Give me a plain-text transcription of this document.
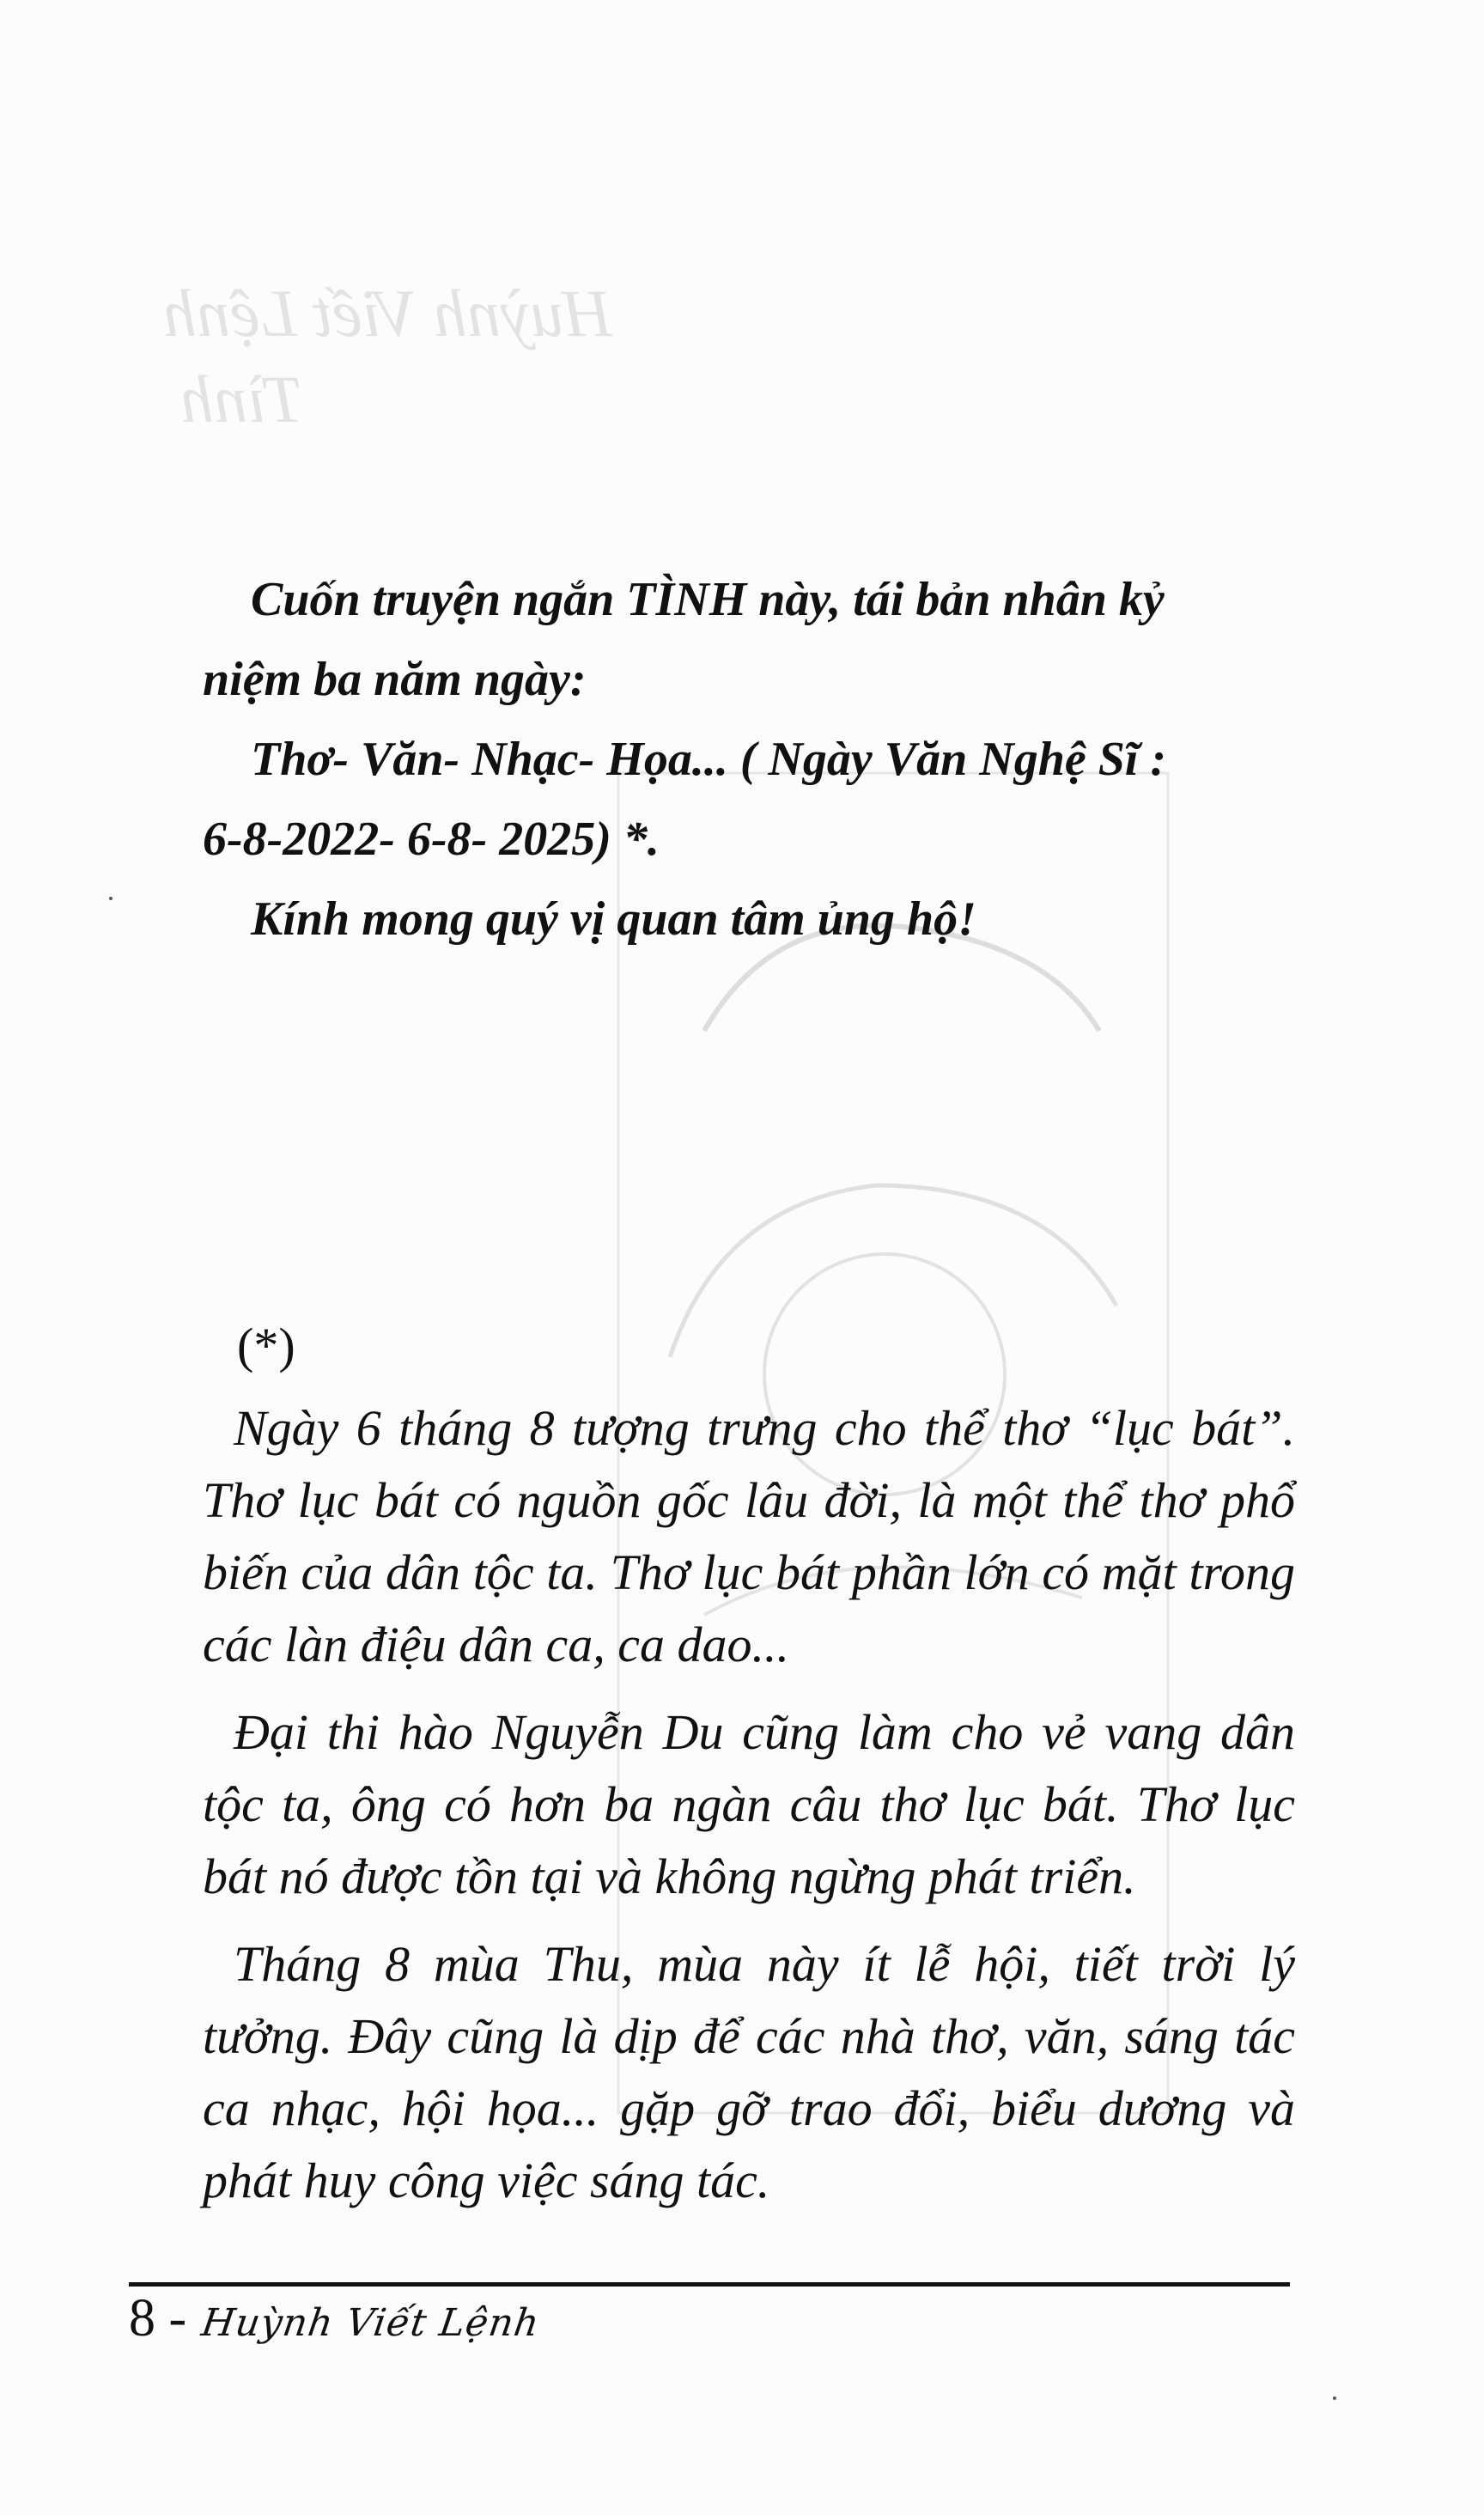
Huỳnh Viết Lệnh
Tình

Cuốn truyện ngắn TÌNH này, tái bản nhân kỷ

niệm ba năm ngày:

Thơ- Văn- Nhạc- Họa... ( Ngày Văn Nghệ Sĩ :

6-8-2022- 6-8- 2025) *.

Kính mong quý vị quan tâm ủng hộ!

(*)

Ngày 6 tháng 8 tượng trưng cho thể thơ “lục bát”. Thơ lục bát có nguồn gốc lâu đời, là một thể thơ phổ biến của dân tộc ta. Thơ lục bát phần lớn có mặt trong các làn điệu dân ca, ca dao...

Đại thi hào Nguyễn Du cũng làm cho vẻ vang dân tộc ta, ông có hơn ba ngàn câu thơ lục bát. Thơ lục bát nó được tồn tại và không ngừng phát triển.

Tháng 8 mùa Thu, mùa này ít lễ hội, tiết trời lý tưởng. Đây cũng là dịp để các nhà thơ, văn, sáng tác ca nhạc, hội họa... gặp gỡ trao đổi, biểu dương và phát huy công việc sáng tác.

8 - Huỳnh Viết Lệnh
